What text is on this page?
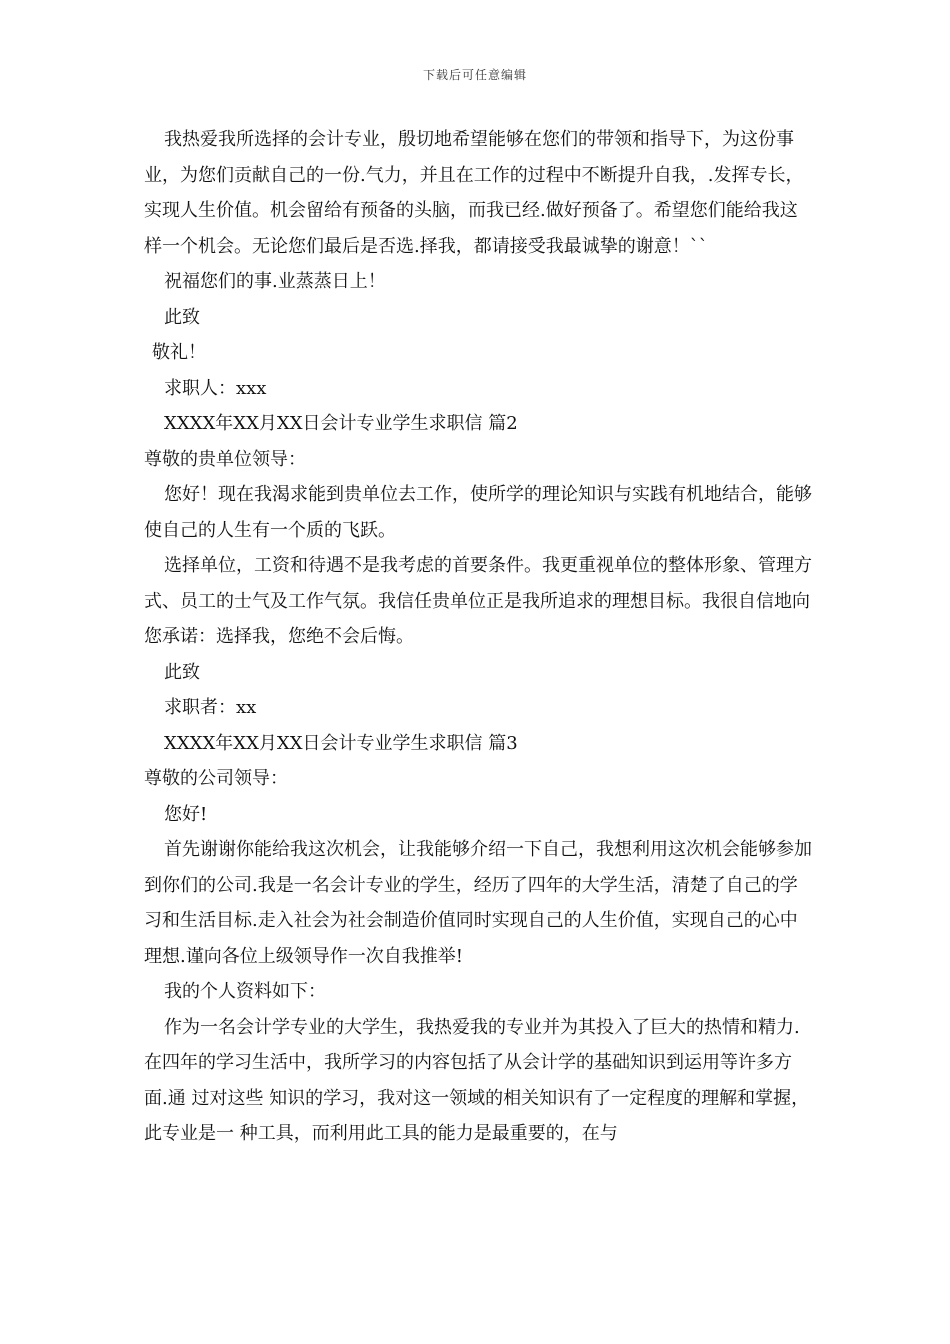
下载后可任意编辑

我热爱我所选择的会计专业，殷切地希望能够在您们的带领和指导下，为这份事业，为您们贡献自己的一份.气力，并且在工作的过程中不断提升自我，.发挥专长，实现人生价值。机会留给有预备的头脑，而我已经.做好预备了。希望您们能给我这样一个机会。无论您们最后是否选.择我，都请接受我最诚挚的谢意！``

祝福您们的事.业蒸蒸日上！

此致

敬礼！

求职人：xxx

XXXX年XX月XX日会计专业学生求职信 篇2

尊敬的贵单位领导：

您好！现在我渴求能到贵单位去工作，使所学的理论知识与实践有机地结合，能够使自己的人生有一个质的飞跃。

选择单位，工资和待遇不是我考虑的首要条件。我更重视单位的整体形象、管理方式、员工的士气及工作气氛。我信任贵单位正是我所追求的理想目标。我很自信地向您承诺：选择我，您绝不会后悔。

此致

求职者：xx

XXXX年XX月XX日会计专业学生求职信 篇3

尊敬的公司领导：

您好!

首先谢谢你能给我这次机会，让我能够介绍一下自己，我想利用这次机会能够参加到你们的公司.我是一名会计专业的学生，经历了四年的大学生活，清楚了自己的学习和生活目标.走入社会为社会制造价值同时实现自己的人生价值，实现自己的心中理想.谨向各位上级领导作一次自我推举!

我的个人资料如下：

作为一名会计学专业的大学生，我热爱我的专业并为其投入了巨大的热情和精力. 在四年的学习生活中，我所学习的内容包括了从会计学的基础知识到运用等许多方面.通 过对这些 知识的学习，我对这一领域的相关知识有了一定程度的理解和掌握，此专业是一 种工具，而利用此工具的能力是最重要的，在与
